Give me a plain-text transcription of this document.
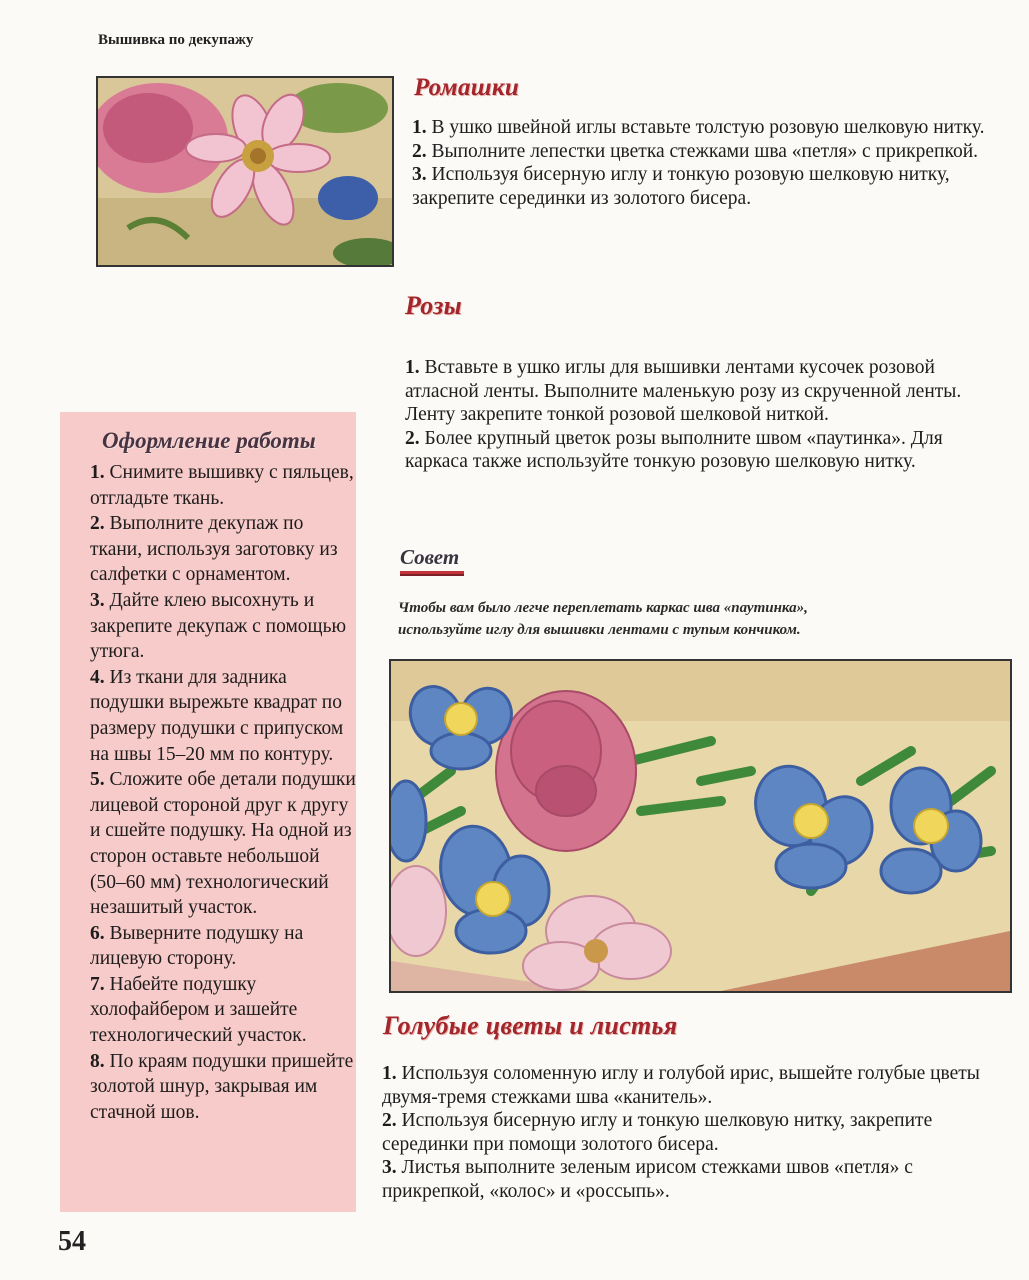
Вышивка по декупажу
Ромашки
1. В ушко швейной иглы вставьте толстую розовую шелковую нитку.
2. Выполните лепестки цветка стежками шва «петля» с прикрепкой.
3. Используя бисерную иглу и тонкую розовую шелковую нитку, закрепите серединки из золотого бисера.
Розы
1. Вставьте в ушко иглы для вышивки лентами кусочек розовой атласной ленты. Выполните маленькую розу из скрученной ленты. Ленту закрепите тонкой розовой шелковой ниткой.
2. Более крупный цветок розы выполните швом «паутинка». Для каркаса также используйте тонкую розовую шелковую нитку.
Совет
Чтобы вам было легче переплетать каркас шва «паутинка», используйте иглу для вышивки лентами с тупым кончиком.
Оформление работы
1. Снимите вышивку с пяльцев, отгладьте ткань.
2. Выполните декупаж по ткани, используя заготовку из салфетки с орнаментом.
3. Дайте клею высохнуть и закрепите декупаж с помощью утюга.
4. Из ткани для задника подушки вырежьте квадрат по размеру подушки с припуском на швы 15–20 мм по контуру.
5. Сложите обе детали подушки лицевой стороной друг к другу и сшейте подушку. На одной из сторон оставьте небольшой (50–60 мм) технологический незашитый участок.
6. Выверните подушку на лицевую сторону.
7. Набейте подушку холофайбером и зашейте технологический участок.
8. По краям подушки пришейте золотой шнур, закрывая им стачной шов.
Голубые цветы и листья
1. Используя соломенную иглу и голубой ирис, вышейте голубые цветы двумя-тремя стежками шва «канитель».
2. Используя бисерную иглу и тонкую шелковую нитку, закрепите серединки при помощи золотого бисера.
3. Листья выполните зеленым ирисом стежками швов «петля» с прикрепкой, «колос» и «россыпь».
54
